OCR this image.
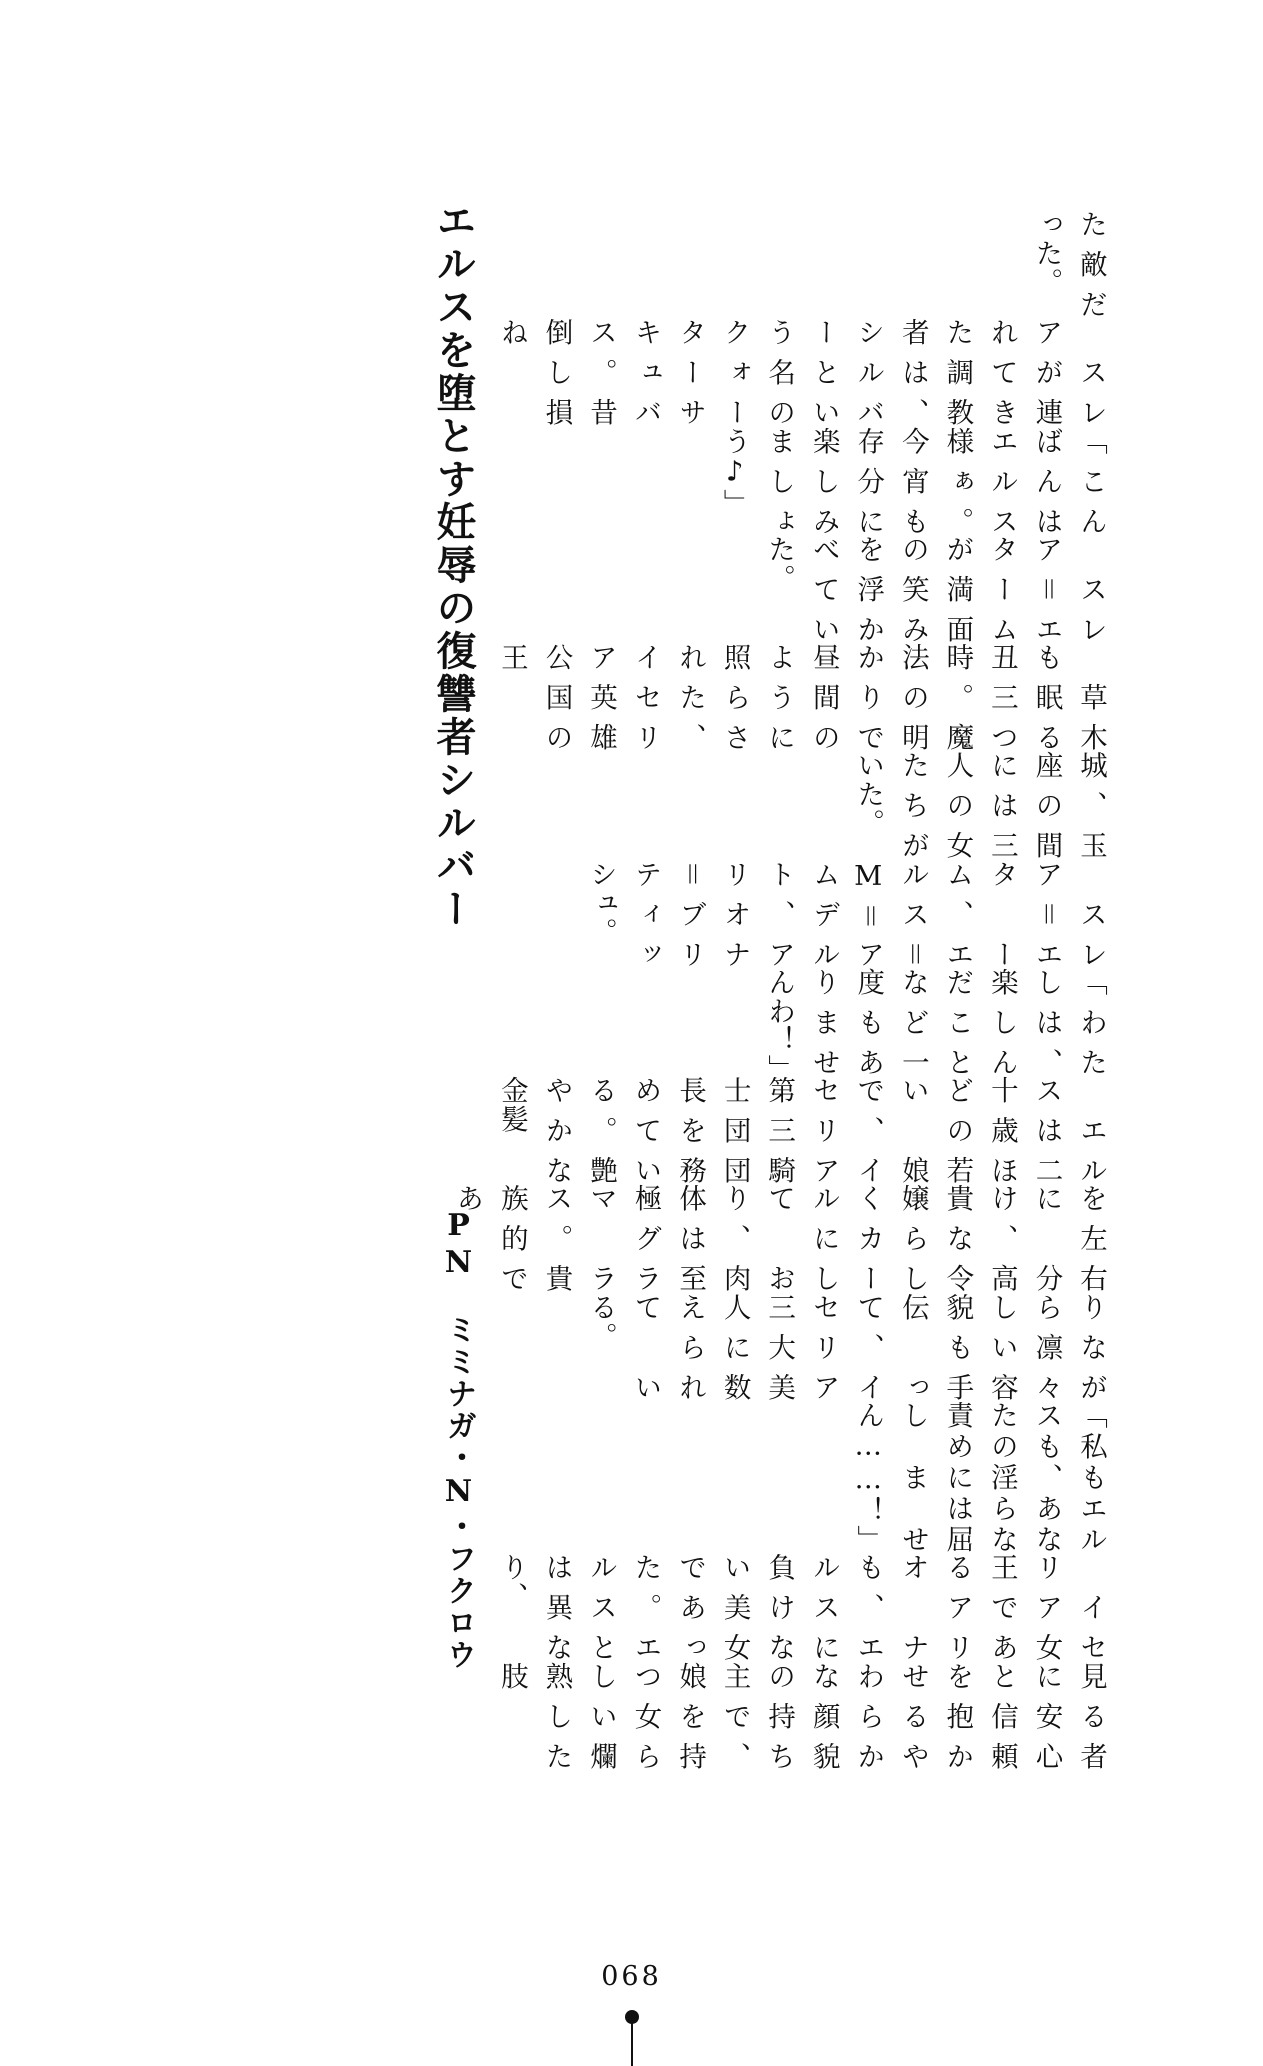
た敵だった。
　スレアが連れてきた調教者は、シルバーという名のクォーターサキュバス。昔倒し損ね
「こんばんはエルス様ぁ。今宵も存分に楽しみましょう♪」
　スレア＝エタームが満面の笑みを浮かべていた。
　草木も眠る丑三つ時。魔法の明かりで昼間のように照らされた、イセリア英雄公国の王
城、玉座の間には三人の女たちがいた。
　スレア＝エターム、エルス＝M＝アムデルト、アリオナ＝ブリティッシュ。
「わたしは、楽しんだことなど一度もありませんわ！」
　エルスは二十歳ほどの若い娘で、イセリア第三騎士団団長を務めている。艶やかな金髪
を左右に分け、高貴な令嬢らしくカールにしており、肉体は至極グラマラス。貴族的であ
りながら凛々しい容貌も手伝って、イセリア三大美人に数えられている。
「私もエルスも、あなたの淫らな責めには屈しません……！」
　イセリア女王であるアリオナも、エルスに負けない美女であった。エルスとは異なり、
見る者に安心と信頼を抱かせるやわらかな顔貌の持ち主で、娘を持つ女らしい爛熟した肢
エルスを堕とす妊辱の復讐者シルバー
PN　ミミナガ・N・フクロウ
068
